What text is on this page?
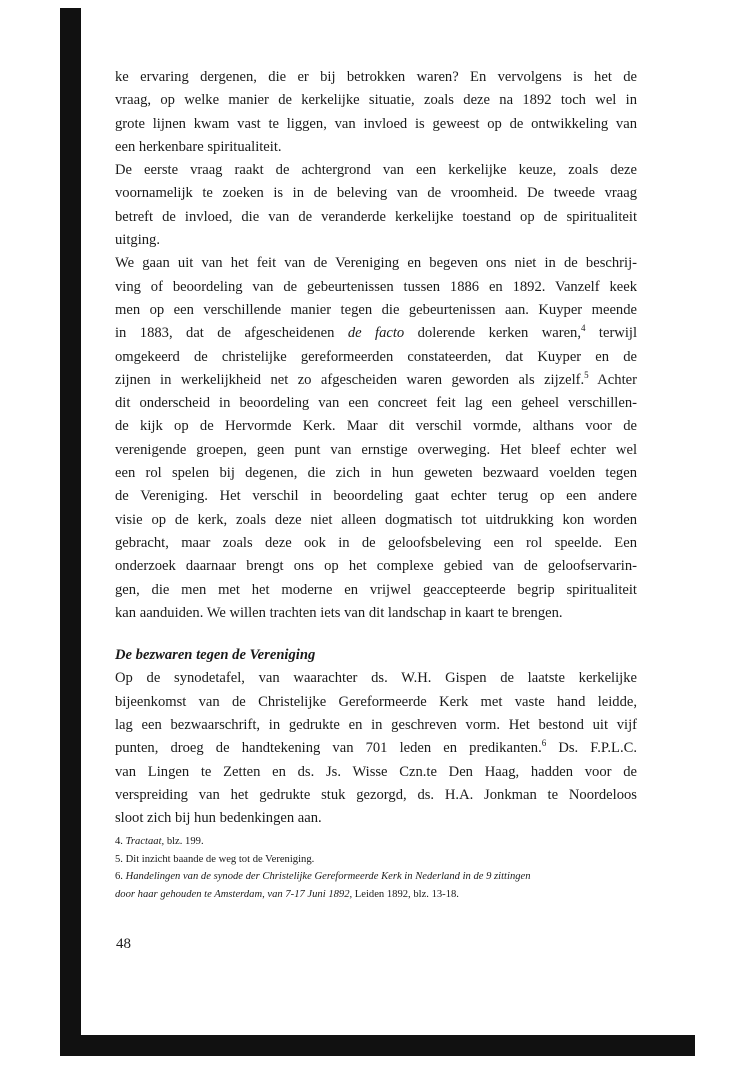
ke ervaring dergenen, die er bij betrokken waren? En vervolgens is het de
vraag, op welke manier de kerkelijke situatie, zoals deze na 1892 toch wel in
grote lijnen kwam vast te liggen, van invloed is geweest op de ontwikkeling van
een herkenbare spiritualiteit.

De eerste vraag raakt de achtergrond van een kerkelijke keuze, zoals deze
voornamelijk te zoeken is in de beleving van de vroomheid. De tweede vraag
betreft de invloed, die van de veranderde kerkelijke toestand op de spiritualiteit
uitging.

We gaan uit van het feit van de Vereniging en begeven ons niet in de beschrij-
ving of beoordeling van de gebeurtenissen tussen 1886 en 1892. Vanzelf keek
men op een verschillende manier tegen die gebeurtenissen aan. Kuyper meende
in 1883, dat de afgescheidenen de facto dolerende kerken waren,$^4$ terwijl
omgekeerd de christelijke gereformeerden constateerden, dat Kuyper en de
zijnen in werkelijkheid net zo afgescheiden waren geworden als zijzelf.$^5$ Achter
dit onderscheid in beoordeling van een concreet feit lag een geheel verschillen-
de kijk op de Hervormde Kerk. Maar dit verschil vormde, althans voor de
verenigende groepen, geen punt van ernstige overweging. Het bleef echter wel
een rol spelen bij degenen, die zich in hun geweten bezwaard voelden tegen
de Vereniging. Het verschil in beoordeling gaat echter terug op een andere
visie op de kerk, zoals deze niet alleen dogmatisch tot uitdrukking kon worden
gebracht, maar zoals deze ook in de geloofsbeleving een rol speelde. Een
onderzoek daarnaar brengt ons op het complexe gebied van de geloofservarin-
gen, die men met het moderne en vrijwel geaccepteerde begrip spiritualiteit
kan aanduiden. We willen trachten iets van dit landschap in kaart te brengen.

De bezwaren tegen de Vereniging

Op de synodetafel, van waarachter ds. W.H. Gispen de laatste kerkelijke
bijeenkomst van de Christelijke Gereformeerde Kerk met vaste hand leidde,
lag een bezwaarschrift, in gedrukte en in geschreven vorm. Het bestond uit vijf
punten, droeg de handtekening van 701 leden en predikanten.$^6$ Ds. F.P.L.C.
van Lingen te Zetten en ds. Js. Wisse Czn.te Den Haag, hadden voor de
verspreiding van het gedrukte stuk gezorgd, ds. H.A. Jonkman te Noordeloos
sloot zich bij hun bedenkingen aan.

4. Tractaat, blz. 199.
5. Dit inzicht baande de weg tot de Vereniging.
6. Handelingen van de synode der Christelijke Gereformeerde Kerk in Nederland in de 9 zittingen
door haar gehouden te Amsterdam, van 7-17 Juni 1892, Leiden 1892, blz. 13-18.
48
